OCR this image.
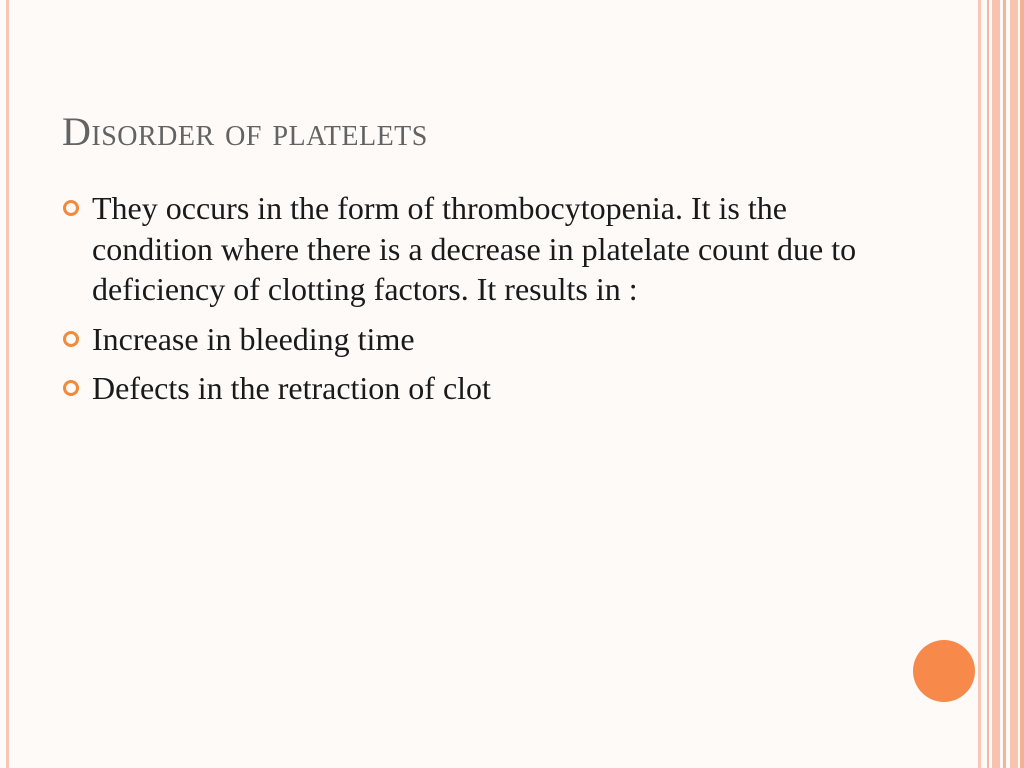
Disorder of platelets
They occurs in the form of thrombocytopenia. It is the condition where there is a decrease in platelate count due to deficiency of clotting factors. It results in :
Increase in bleeding time
Defects in the retraction of clot
